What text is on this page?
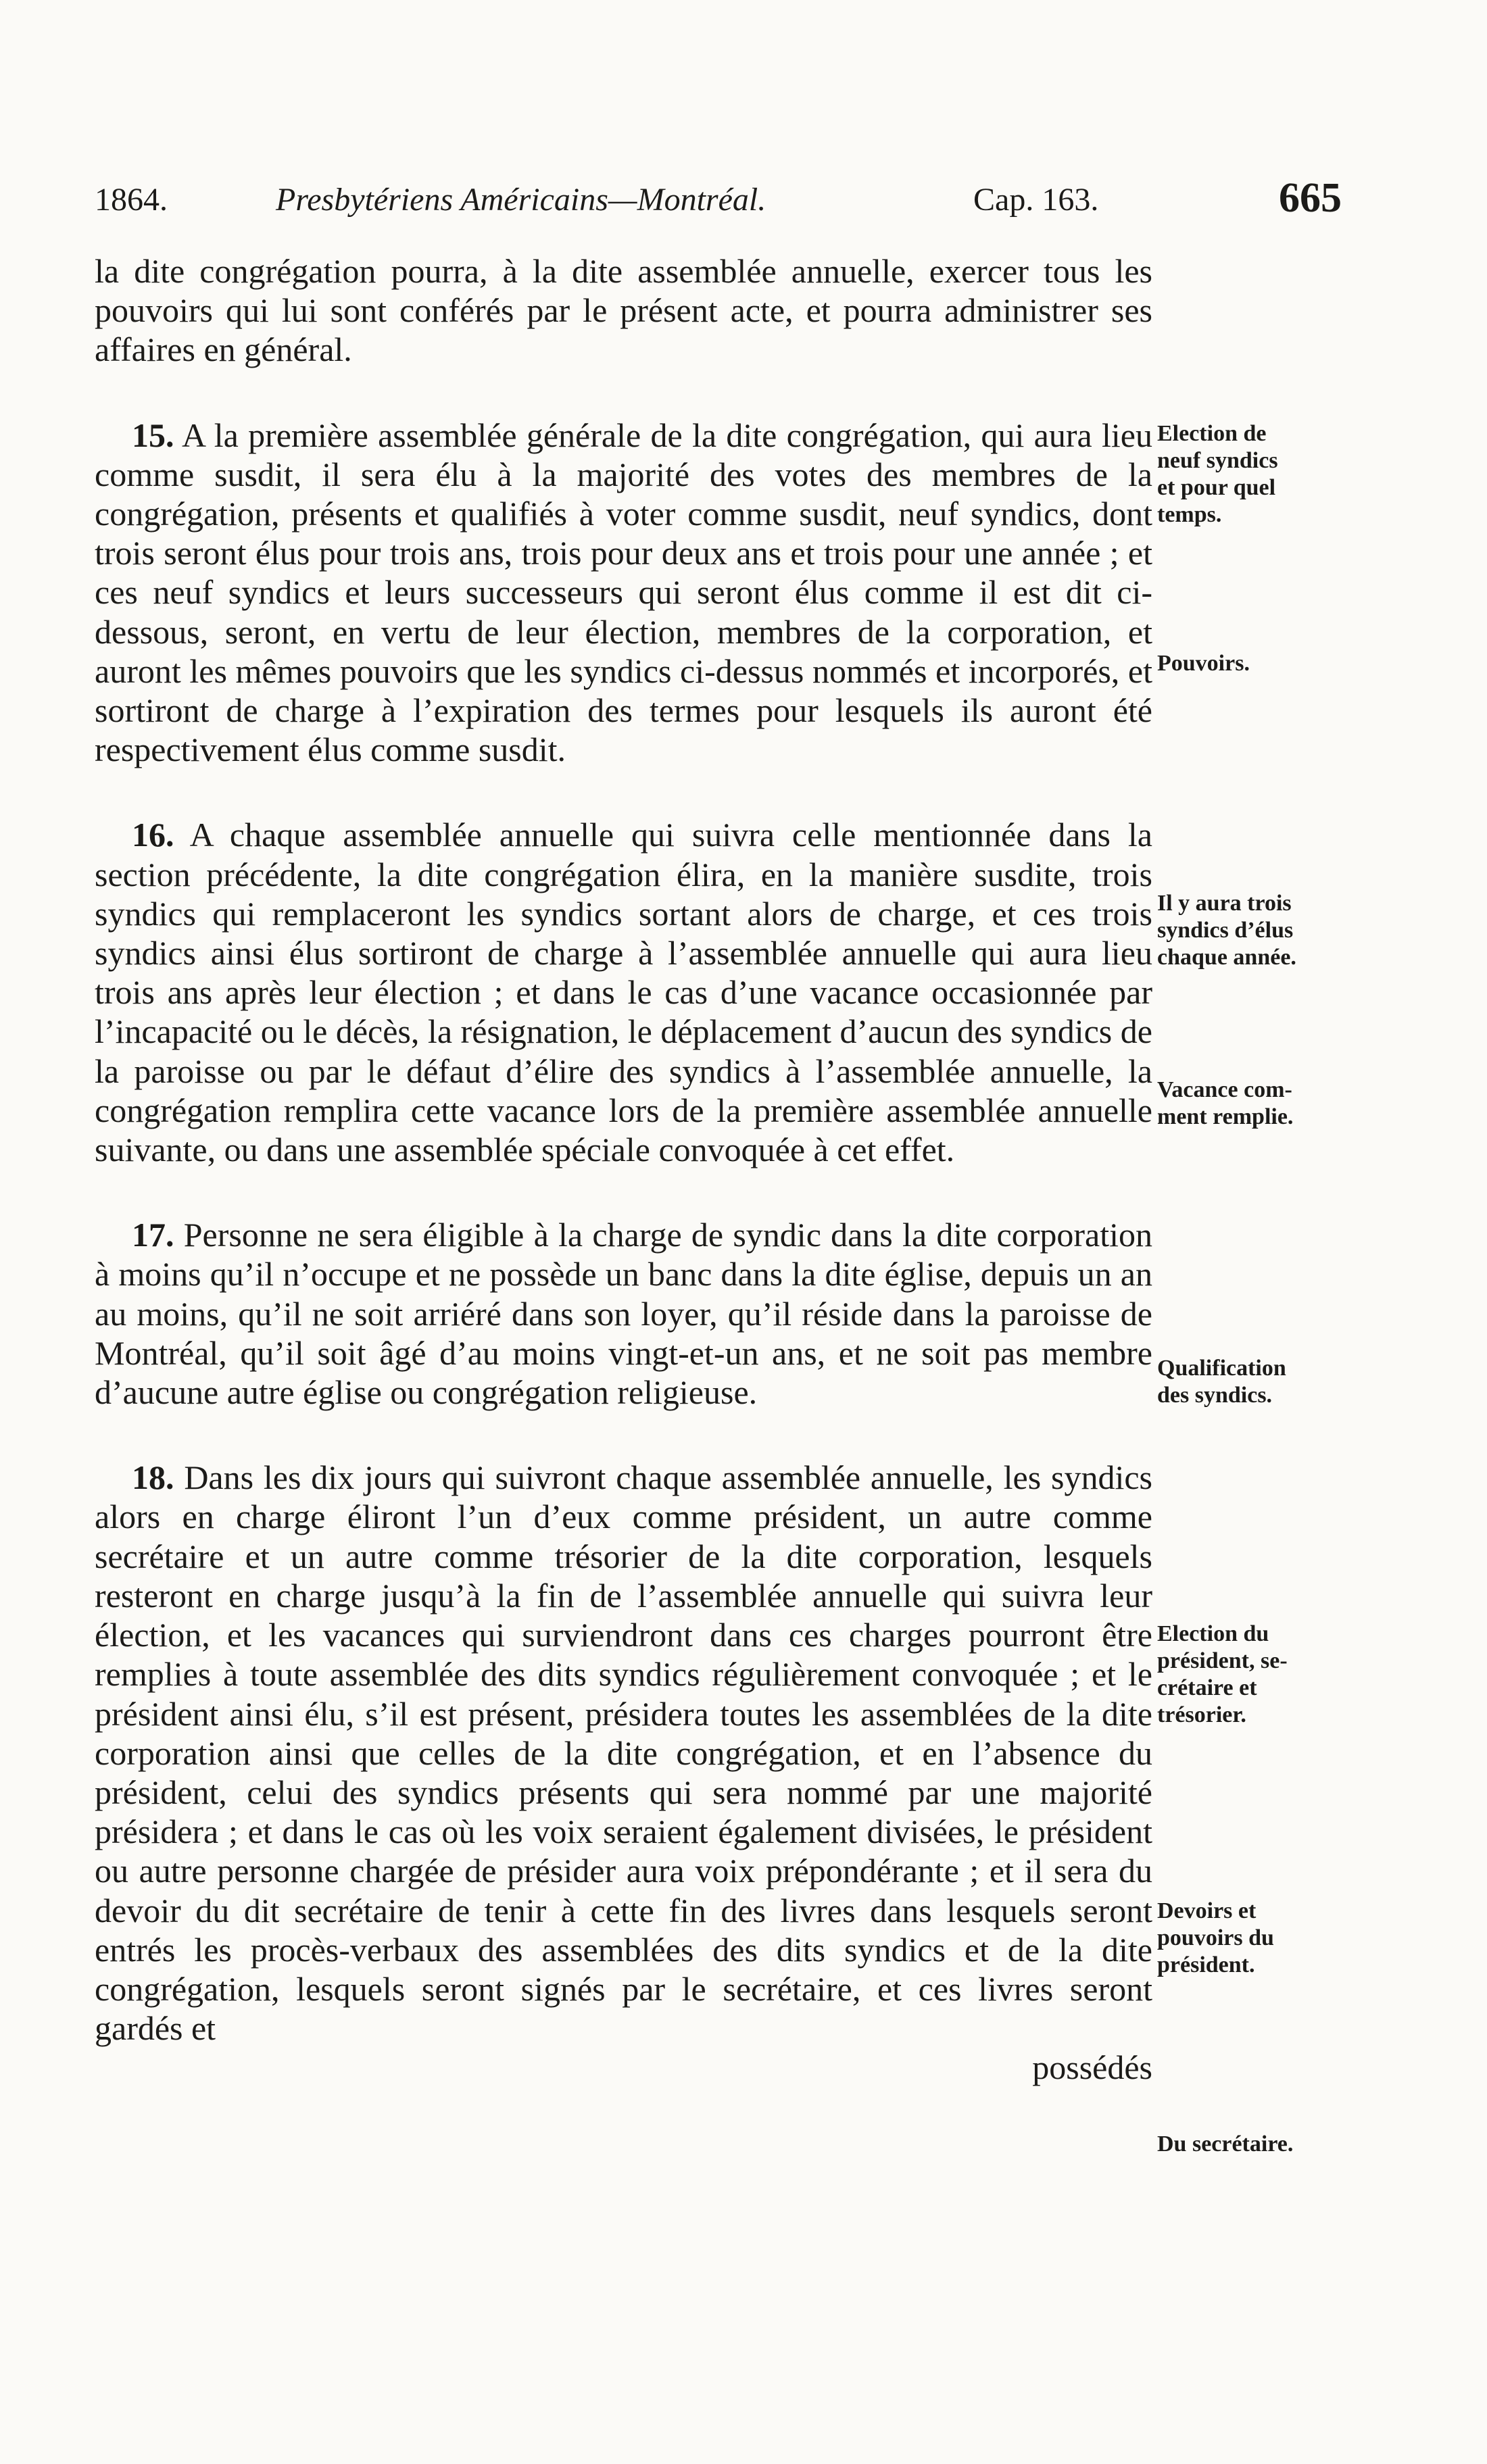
1864.	Presbytériens Américains—Montréal.	Cap. 163.	665

la dite congrégation pourra, à la dite assemblée annuelle, exercer tous les pouvoirs qui lui sont conférés par le présent acte, et pourra administrer ses affaires en général.

15. A la première assemblée générale de la dite congrégation, qui aura lieu comme susdit, il sera élu à la majorité des votes des membres de la congrégation, présents et qualifiés à voter comme susdit, neuf syndics, dont trois seront élus pour trois ans, trois pour deux ans et trois pour une année ; et ces neuf syndics et leurs successeurs qui seront élus comme il est dit ci-dessous, seront, en vertu de leur élection, membres de la corporation, et auront les mêmes pouvoirs que les syndics ci-dessus nommés et incorporés, et sortiront de charge à l’expiration des termes pour lesquels ils auront été respectivement élus comme susdit.

16. A chaque assemblée annuelle qui suivra celle mentionnée dans la section précédente, la dite congrégation élira, en la manière susdite, trois syndics qui remplaceront les syndics sortant alors de charge, et ces trois syndics ainsi élus sortiront de charge à l’assemblée annuelle qui aura lieu trois ans après leur élection ; et dans le cas d’une vacance occasionnée par l’incapacité ou le décès, la résignation, le déplacement d’aucun des syndics de la paroisse ou par le défaut d’élire des syndics à l’assemblée annuelle, la congrégation remplira cette vacance lors de la première assemblée annuelle suivante, ou dans une assemblée spéciale convoquée à cet effet.

17. Personne ne sera éligible à la charge de syndic dans la dite corporation à moins qu’il n’occupe et ne possède un banc dans la dite église, depuis un an au moins, qu’il ne soit arriéré dans son loyer, qu’il réside dans la paroisse de Montréal, qu’il soit âgé d’au moins vingt-et-un ans, et ne soit pas membre d’aucune autre église ou congrégation religieuse.

18. Dans les dix jours qui suivront chaque assemblée annuelle, les syndics alors en charge éliront l’un d’eux comme président, un autre comme secrétaire et un autre comme trésorier de la dite corporation, lesquels resteront en charge jusqu’à la fin de l’assemblée annuelle qui suivra leur élection, et les vacances qui surviendront dans ces charges pourront être remplies à toute assemblée des dits syndics régulièrement convoquée ; et le président ainsi élu, s’il est présent, présidera toutes les assemblées de la dite corporation ainsi que celles de la dite congrégation, et en l’absence du président, celui des syndics présents qui sera nommé par une majorité présidera ; et dans le cas où les voix seraient également divisées, le président ou autre personne chargée de présider aura voix prépondérante ; et il sera du devoir du dit secrétaire de tenir à cette fin des livres dans lesquels seront entrés les procès-verbaux des assemblées des dits syndics et de la dite congrégation, lesquels seront signés par le secrétaire, et ces livres seront gardés et

possédés

Election de
neuf syndics
et pour quel
temps.
Pouvoirs.
Il y aura trois
syndics d’élus
chaque année.
Vacance com-
ment remplie.
Qualification
des syndics.
Election du
président, se-
crétaire et
trésorier.
Devoirs et
pouvoirs du
président.
Du secrétaire.
